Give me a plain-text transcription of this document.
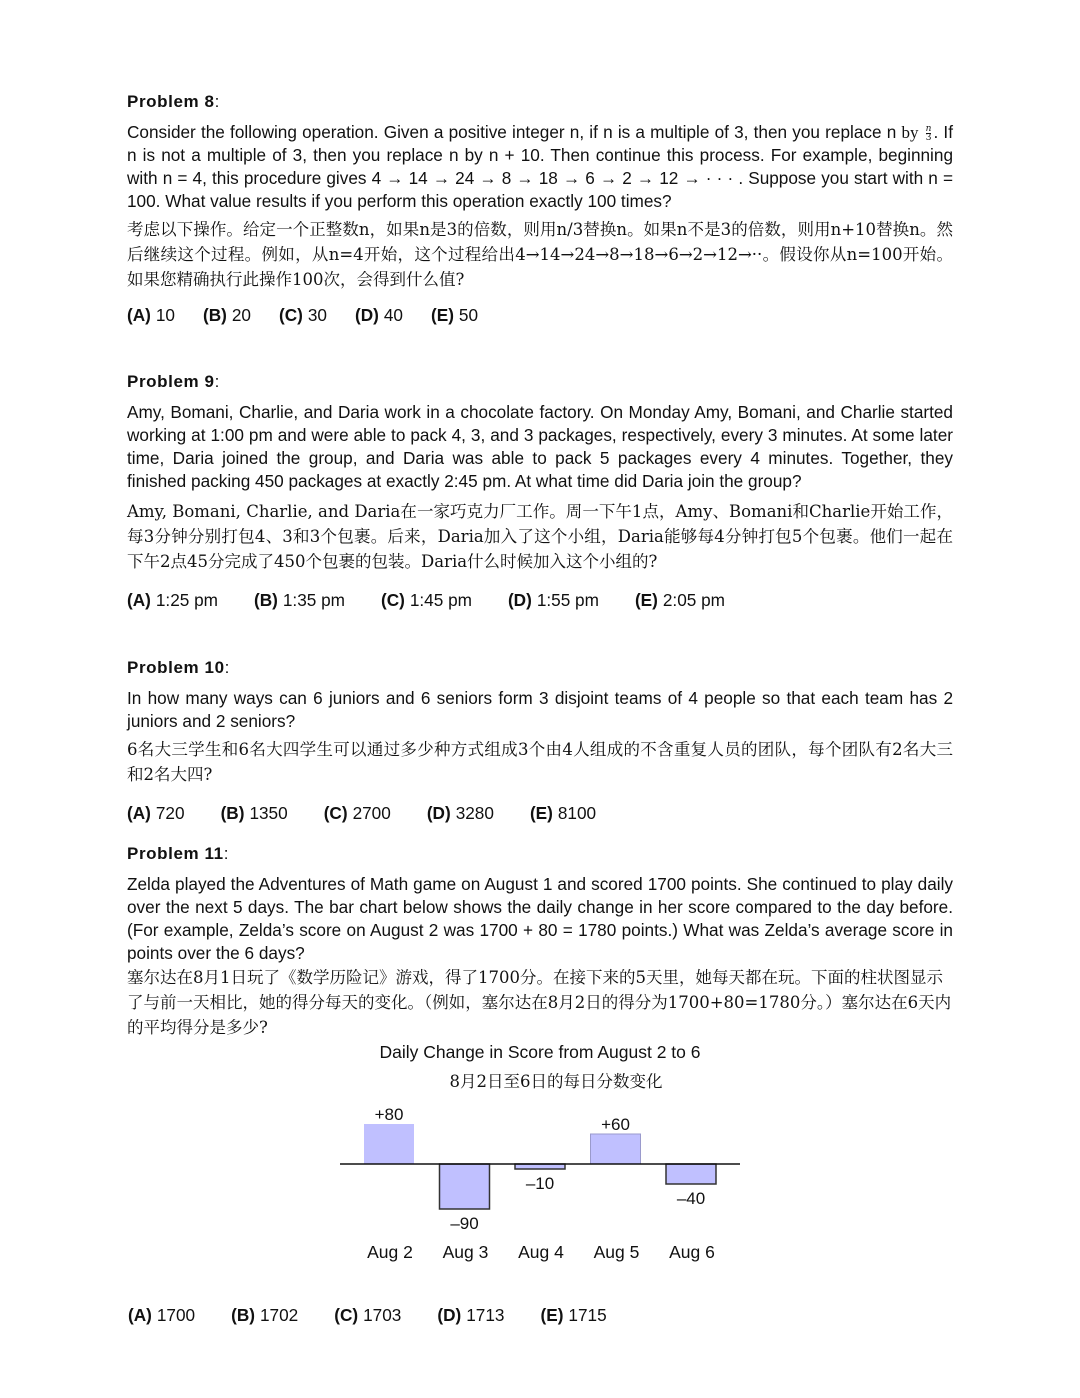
Problem 8:

Consider the following operation. Given a positive integer n, if n is a multiple of 3, then you replace n by $\frac{n}{3}$ . If n is not a multiple of 3, then you replace n by n + 10. Then continue this process. For example, beginning with n = 4, this procedure gives 4 → 14 → 24 → 8 → 18 → 6 → 2 → 12 → · · · . Suppose you start with n = 100. What value results if you perform this operation exactly 100 times?

考虑以下操作。给定一个正整数n，如果n是3的倍数，则用n/3替换n。如果n不是3的倍数，则用n+10替换n。然后继续这个过程。例如，从n=4开始，这个过程给出4→14→24→8→18→6→2→12→··。假设你从n=100开始。如果您精确执行此操作100次，会得到什么值?

(A) 10 (B) 20 (C) 30 (D) 40 (E) 50

Problem 9:

Amy, Bomani, Charlie, and Daria work in a chocolate factory. On Monday Amy, Bomani, and Charlie started working at 1:00 pm and were able to pack 4, 3, and 3 packages, respectively, every 3 minutes. At some later time, Daria joined the group, and Daria was able to pack 5 packages every 4 minutes. Together, they finished packing 450 packages at exactly 2:45 pm. At what time did Daria join the group?

Amy, Bomani, Charlie, and Daria在一家巧克力厂工作。周一下午1点，Amy、Bomani和Charlie开始工作，每3分钟分别打包4、3和3个包裹。后来，Daria加入了这个小组，Daria能够每4分钟打包5个包裹。他们一起在下午2点45分完成了450个包裹的包装。Daria什么时候加入这个小组的?

(A) 1:25 pm (B) 1:35 pm (C) 1:45 pm (D) 1:55 pm (E) 2:05 pm

Problem 10:

In how many ways can 6 juniors and 6 seniors form 3 disjoint teams of 4 people so that each team has 2 juniors and 2 seniors?

6名大三学生和6名大四学生可以通过多少种方式组成3个由4人组成的不含重复人员的团队，每个团队有2名大三和2名大四?

(A) 720 (B) 1350 (C) 2700 (D) 3280 (E) 8100

Problem 11:

Zelda played the Adventures of Math game on August 1 and scored 1700 points. She continued to play daily over the next 5 days. The bar chart below shows the daily change in her score compared to the day before. (For example, Zelda’s score on August 2 was 1700 + 80 = 1780 points.) What was Zelda’s average score in points over the 6 days?

塞尔达在8月1日玩了《数学历险记》游戏，得了1700分。在接下来的5天里，她每天都在玩。下面的柱状图显示了与前一天相比，她的得分每天的变化。（例如，塞尔达在8月2日的得分为1700+80=1780分。）塞尔达在6天内的平均得分是多少?

Daily Change in Score from August 2 to 6
8月2日至6日的每日分数变化
+80
–90
–10
+60
–40
Aug 2 Aug 3 Aug 4 Aug 5 Aug 6
(A) 1700 (B) 1702 (C) 1703 (D) 1713 (E) 1715
